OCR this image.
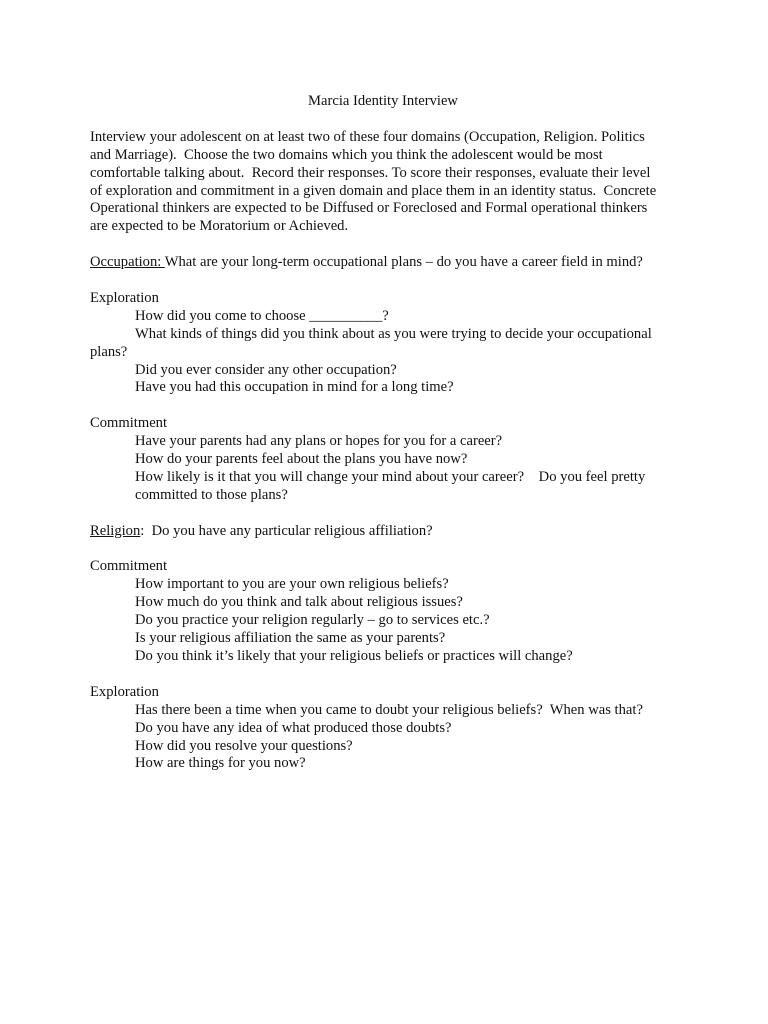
Marcia Identity Interview
Interview your adolescent on at least two of these four domains (Occupation, Religion. Politics
and Marriage).  Choose the two domains which you think the adolescent would be most
comfortable talking about.  Record their responses. To score their responses, evaluate their level
of exploration and commitment in a given domain and place them in an identity status.  Concrete
Operational thinkers are expected to be Diffused or Foreclosed and Formal operational thinkers
are expected to be Moratorium or Achieved.
Occupation: What are your long-term occupational plans – do you have a career field in mind?
Exploration
How did you come to choose __________?
What kinds of things did you think about as you were trying to decide your occupational
plans?
Did you ever consider any other occupation?
Have you had this occupation in mind for a long time?
Commitment
Have your parents had any plans or hopes for you for a career?
How do your parents feel about the plans you have now?
How likely is it that you will change your mind about your career?    Do you feel pretty
committed to those plans?
Religion:  Do you have any particular religious affiliation?
Commitment
How important to you are your own religious beliefs?
How much do you think and talk about religious issues?
Do you practice your religion regularly – go to services etc.?
Is your religious affiliation the same as your parents?
Do you think it’s likely that your religious beliefs or practices will change?
Exploration
Has there been a time when you came to doubt your religious beliefs?  When was that?
Do you have any idea of what produced those doubts?
How did you resolve your questions?
How are things for you now?
